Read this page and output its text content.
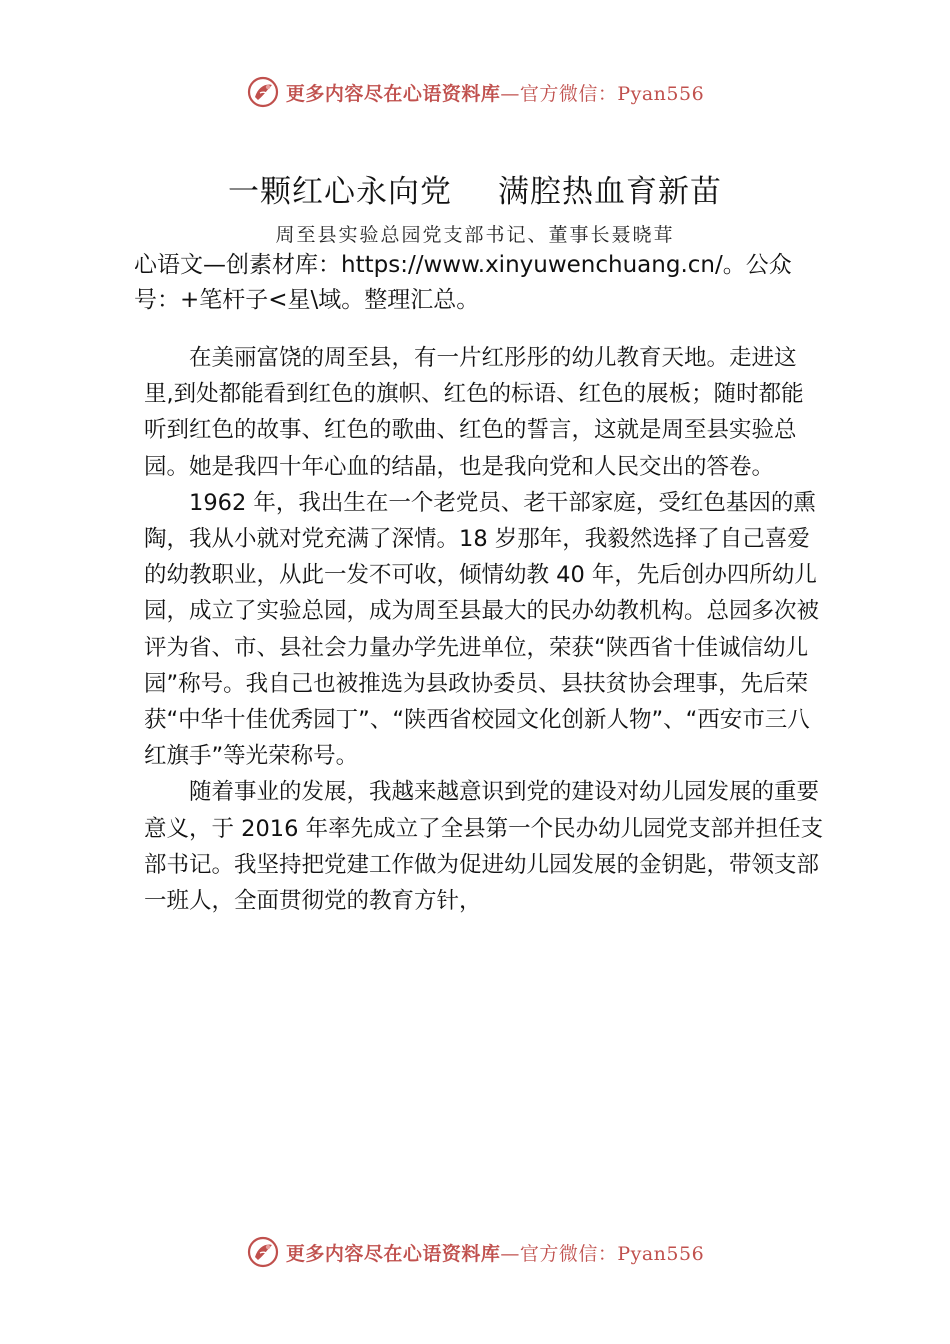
更多内容尽在心语资料库—官方微信：Pyan556
一颗红心永向党 满腔热血育新苗
周至县实验总园党支部书记、董事长聂晓茸
心语文—创素材库：https://www.xinyuwenchuang.cn/。公众号：+笔杆子<星\域。整理汇总。

在美丽富饶的周至县，有一片红彤彤的幼儿教育天地。走进这里,到处都能看到红色的旗帜、红色的标语、红色的展板；随时都能听到红色的故事、红色的歌曲、红色的誓言，这就是周至县实验总园。她是我四十年心血的结晶，也是我向党和人民交出的答卷。

1962 年，我出生在一个老党员、老干部家庭，受红色基因的熏陶，我从小就对党充满了深情。18 岁那年，我毅然选择了自己喜爱的幼教职业，从此一发不可收，倾情幼教 40 年，先后创办四所幼儿园，成立了实验总园，成为周至县最大的民办幼教机构。总园多次被评为省、市、县社会力量办学先进单位，荣获“陕西省十佳诚信幼儿园”称号。我自己也被推选为县政协委员、县扶贫协会理事，先后荣获“中华十佳优秀园丁”、“陕西省校园文化创新人物”、“西安市三八红旗手”等光荣称号。

随着事业的发展，我越来越意识到党的建设对幼儿园发展的重要意义，于 2016 年率先成立了全县第一个民办幼儿园党支部并担任支部书记。我坚持把党建工作做为促进幼儿园发展的金钥匙，带领支部一班人，全面贯彻党的教育方针，

更多内容尽在心语资料库—官方微信：Pyan556
